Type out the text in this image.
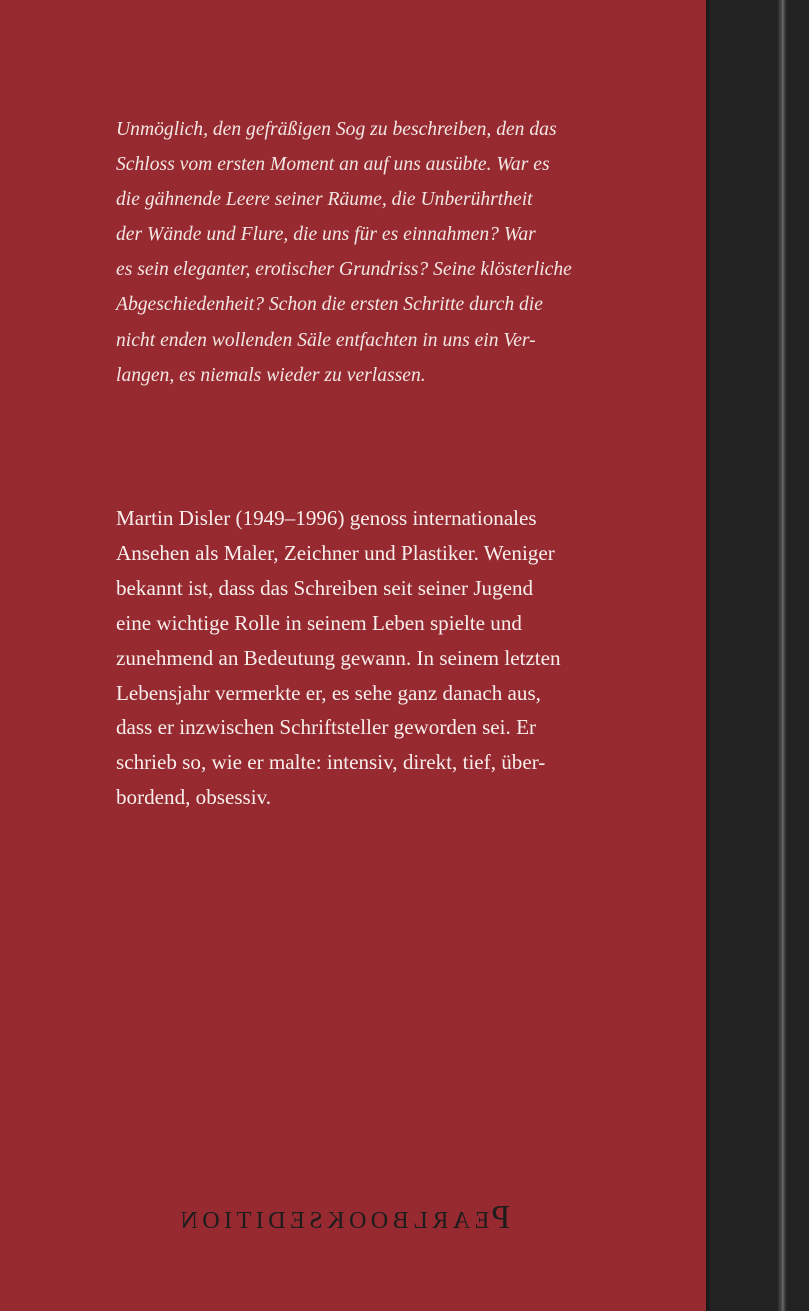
Unmöglich, den gefräßigen Sog zu beschreiben, den das
Schloss vom ersten Moment an auf uns ausübte. War es
die gähnende Leere seiner Räume, die Unberührtheit
der Wände und Flure, die uns für es einnahmen? War
es sein eleganter, erotischer Grundriss? Seine klösterliche
Abgeschiedenheit? Schon die ersten Schritte durch die
nicht enden wollenden Säle entfachten in uns ein Ver-
langen, es niemals wieder zu verlassen.

Martin Disler (1949–1996) genoss internationales
Ansehen als Maler, Zeichner und Plastiker. Weniger
bekannt ist, dass das Schreiben seit seiner Jugend
eine wichtige Rolle in seinem Leben spielte und
zunehmend an Bedeutung gewann. In seinem letzten
Lebensjahr vermerkte er, es sehe ganz danach aus,
dass er inzwischen Schriftsteller geworden sei. Er
schrieb so, wie er malte: intensiv, direkt, tief, über-
bordend, obsessiv.

PEARLBOOKSEDITION
